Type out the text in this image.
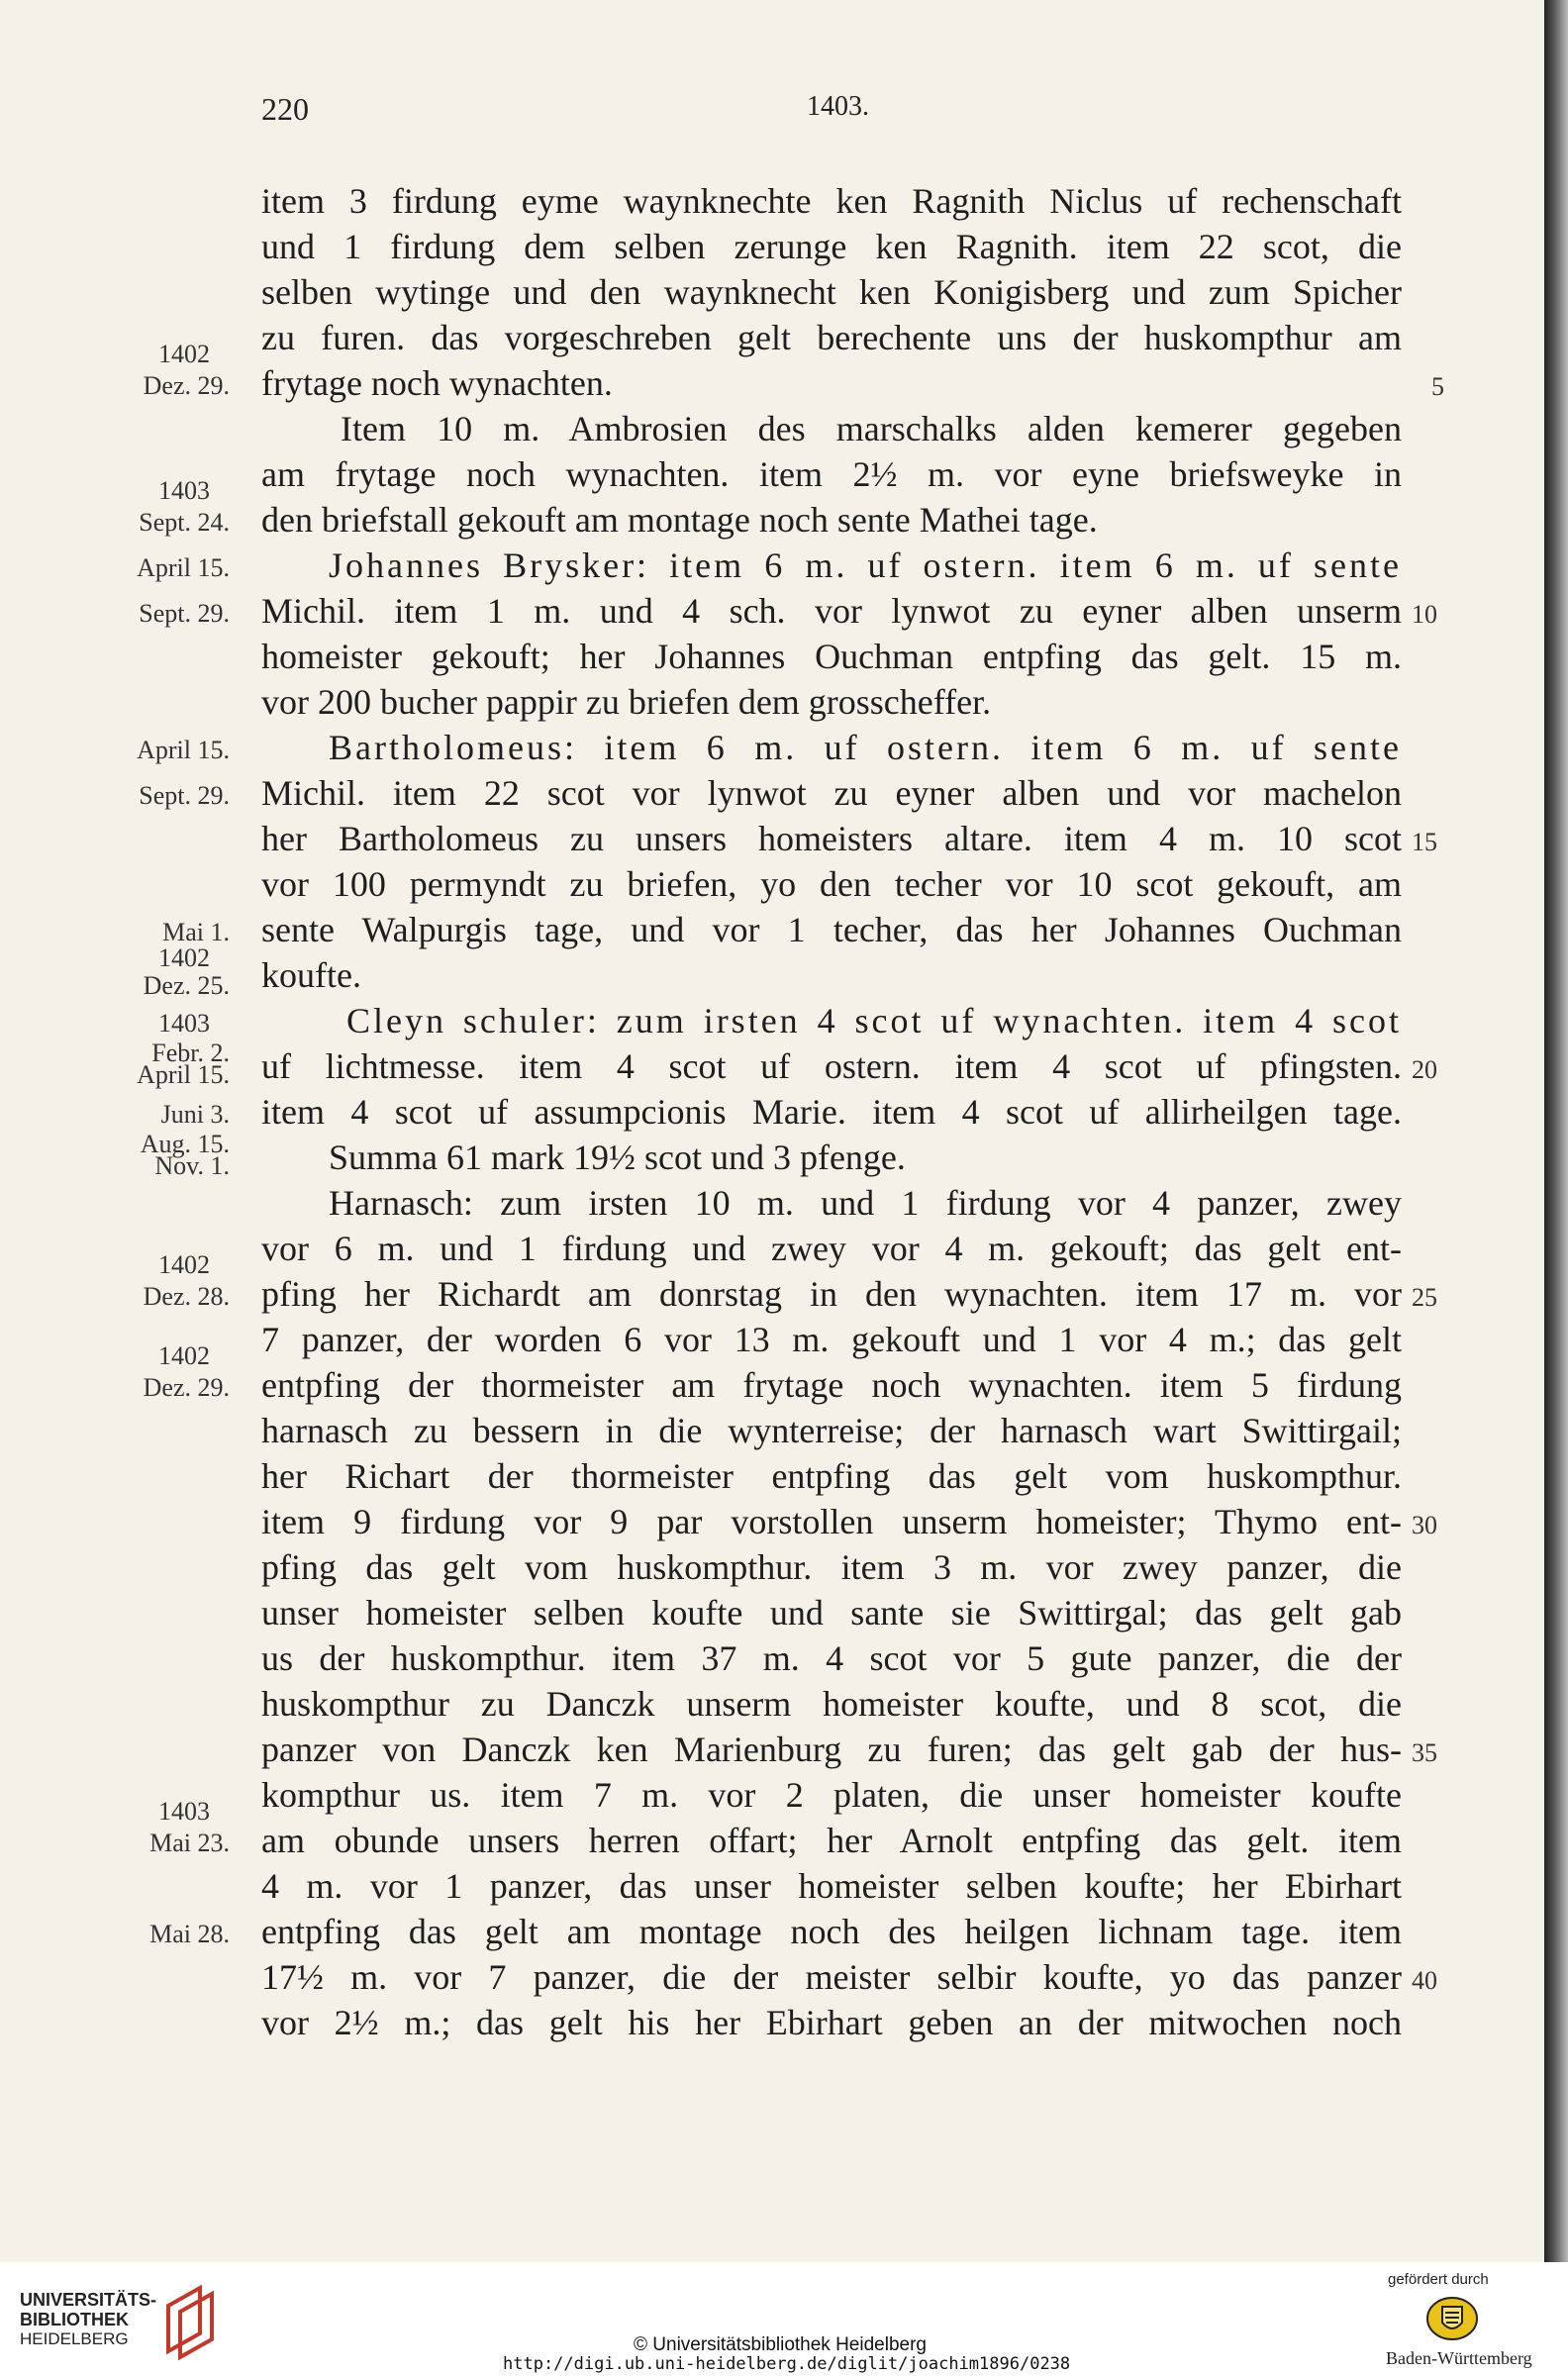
220	1403.
item 3 firdung eyme waynknechte ken Ragnith Niclus uf rechenschaft
und 1 firdung dem selben zerunge ken Ragnith. item 22 scot, die
selben wytinge und den waynknecht ken Konigisberg und zum Spicher
zu furen. das vorgeschreben gelt berechente uns der huskompthur am
frytage noch wynachten.
Item 10 m. Ambrosien des marschalks alden kemerer gegeben
am frytage noch wynachten. item 2½ m. vor eyne briefsweyke in
den briefstall gekouft am montage noch sente Mathei tage.
Johannes Brysker: item 6 m. uf ostern. item 6 m. uf sente
Michil. item 1 m. und 4 sch. vor lynwot zu eyner alben unserm
homeister gekouft; her Johannes Ouchman entpfing das gelt. 15 m.
vor 200 bucher pappir zu briefen dem grosscheffer.
Bartholomeus: item 6 m. uf ostern. item 6 m. uf sente
Michil. item 22 scot vor lynwot zu eyner alben und vor machelon
her Bartholomeus zu unsers homeisters altare. item 4 m. 10 scot
vor 100 permyndt zu briefen, yo den techer vor 10 scot gekouft, am
sente Walpurgis tage, und vor 1 techer, das her Johannes Ouchman
koufte.
Cleyn schuler: zum irsten 4 scot uf wynachten. item 4 scot
uf lichtmesse. item 4 scot uf ostern. item 4 scot uf pfingsten.
item 4 scot uf assumpcionis Marie. item 4 scot uf allirheilgen tage.
Summa 61 mark 19½ scot und 3 pfenge.
Harnasch: zum irsten 10 m. und 1 firdung vor 4 panzer, zwey
vor 6 m. und 1 firdung und zwey vor 4 m. gekouft; das gelt ent-
pfing her Richardt am donrstag in den wynachten. item 17 m. vor
7 panzer, der worden 6 vor 13 m. gekouft und 1 vor 4 m.; das gelt
entpfing der thormeister am frytage noch wynachten. item 5 firdung
harnasch zu bessern in die wynterreise; der harnasch wart Swittirgail;
her Richart der thormeister entpfing das gelt vom huskompthur.
item 9 firdung vor 9 par vorstollen unserm homeister; Thymo ent-
pfing das gelt vom huskompthur. item 3 m. vor zwey panzer, die
unser homeister selben koufte und sante sie Swittirgal; das gelt gab
us der huskompthur. item 37 m. 4 scot vor 5 gute panzer, die der
huskompthur zu Danczk unserm homeister koufte, und 8 scot, die
panzer von Danczk ken Marienburg zu furen; das gelt gab der hus-
kompthur us. item 7 m. vor 2 platen, die unser homeister koufte
am obunde unsers herren offart; her Arnolt entpfing das gelt. item
4 m. vor 1 panzer, das unser homeister selben koufte; her Ebirhart
entpfing das gelt am montage noch des heilgen lichnam tage. item
17½ m. vor 7 panzer, die der meister selbir koufte, yo das panzer
vor 2½ m.; das gelt his her Ebirhart geben an der mitwochen noch
1402
Dez. 29.
1403
Sept. 24.
April 15.
Sept. 29.
April 15.
Sept. 29.
Mai 1.
1402
Dez. 25.
1403
Febr. 2.
April 15.
Juni 3.
Aug. 15.
Nov. 1.
1402
Dez. 28.
1402
Dez. 29.
1403
Mai 23.
Mai 28.
5
10
15
20
25
30
35
40
UNIVERSITÄTS-
BIBLIOTHEK
HEIDELBERG	© Universitätsbibliothek Heidelberg
http://digi.ub.uni-heidelberg.de/diglit/joachim1896/0238
gefördert durch
Baden-Württemberg
